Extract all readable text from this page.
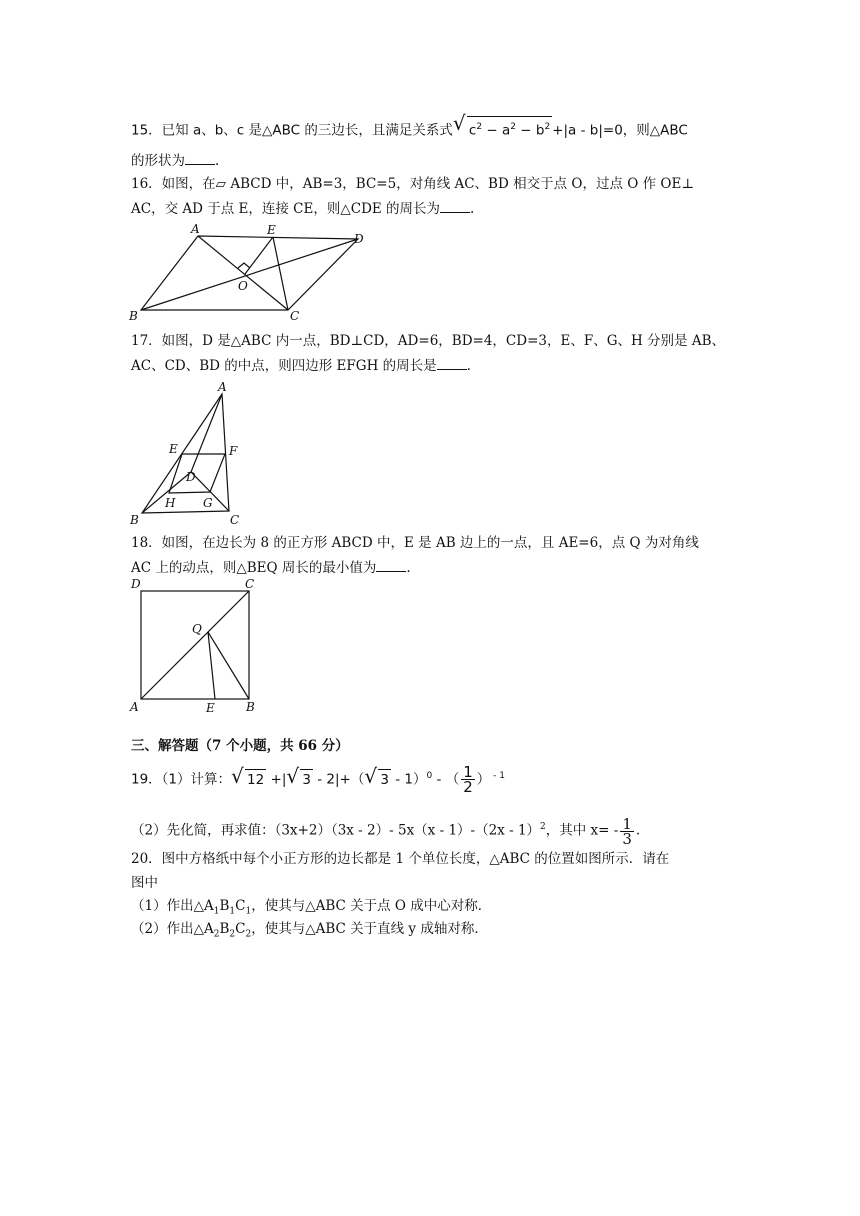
15．已知 a、b、c 是△ABC 的三边长，且满足关系式 √ $c^2 - a^2 - b^2 +|a - b|=0$，则△ABC
的形状为 .
16．如图，在▱ ABCD 中，AB=3，BC=5，对角线 AC、BD 相交于点 O，过点 O 作 OE⊥
AC，交 AD 于点 E，连接 CE，则△CDE 的周长为 .
A	E
D
O
B	C
17．如图，D 是△ABC 内一点，BD⊥CD，AD=6，BD=4，CD=3，E、F、G、H 分别是 AB、
AC、CD、BD 的中点，则四边形 EFGH 的周长是 .
A
E	F
D
H G
B	C
18．如图，在边长为 8 的正方形 ABCD 中，E 是 AB 边上的一点，且 AE=6，点 Q 为对角线
AC 上的动点，则△BEQ 周长的最小值为 .
D	C
Q
A	E	B
三、解答题（7 个小题，共 66 分）
19．（1）计算： √ 12 +| √ 3 - 2|+（ √ 3 - 1）$^0$ - （ $\frac{1}{2}$ ） $^{- 1}$
（2）先化简，再求值：（3x+2）（3x - 2）- 5x（x - 1）-（2x - 1）$^2$，其中 $x= - \frac{1}{3}$ .
20．图中方格纸中每个小正方形的边长都是 1 个单位长度，△ABC 的位置如图所示．请在
图中
（1）作出$\triangle A_1B_1C_1$，使其与△ABC 关于点 O 成中心对称．
（2）作出$\triangle A_2B_2C_2$，使其与△ABC 关于直线 y 成轴对称．
